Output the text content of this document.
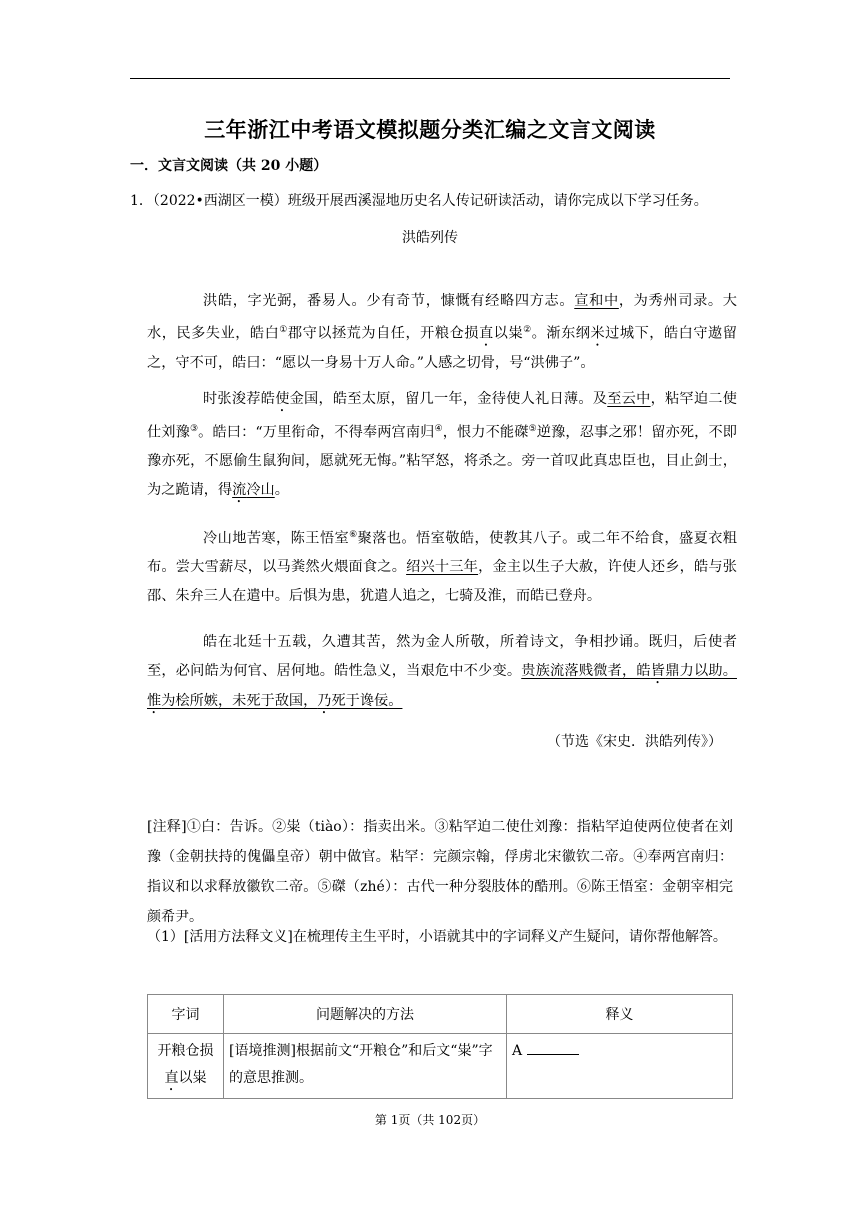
三年浙江中考语文模拟题分类汇编之文言文阅读
一．文言文阅读（共 20 小题）
1．（2022•西湖区一模）班级开展西溪湿地历史名人传记研读活动，请你完成以下学习任务。
洪皓列传

洪皓，字光弼，番易人。少有奇节，慷慨有经略四方志。宣和中，为秀州司录。大水，民多失业，皓白①郡守以拯荒为自任，开粮仓损直以粜②。渐东纲米过城下，皓白守遨留之，守不可，皓曰：“愿以一身易十万人命。”人感之切骨，号“洪佛子”。

时张浚荐皓使金国，皓至太原，留几一年，金待使人礼日薄。及至云中，粘罕迫二使仕刘豫③。皓曰：“万里衔命，不得奉两宫南归④，恨力不能磔⑤逆豫，忍事之邪！留亦死，不即豫亦死，不愿偷生鼠狗间，愿就死无悔。”粘罕怒，将杀之。旁一首叹此真忠臣也，目止剑士，为之跪请，得流冷山。

冷山地苦寒，陈王悟室⑥聚落也。悟室敬皓，使教其八子。或二年不给食，盛夏衣粗布。尝大雪薪尽，以马粪然火煨面食之。绍兴十三年，金主以生子大赦，许使人还乡，皓与张邵、朱弁三人在遣中。后惧为患，犹遣人追之，七骑及淮，而皓已登舟。

皓在北廷十五载，久遭其苦，然为金人所敬，所着诗文，争相抄诵。既归，后使者至，必问皓为何官、居何地。皓性急义，当艰危中不少变。贵族流落贱微者，皓皆鼎力以助。惟为桧所嫉，未死于敌国，乃死于谗佞。

（节选《宋史．洪皓列传》）
[注释]①白：告诉。②粜（tiào）：指卖出米。③粘罕迫二使仕刘豫：指粘罕迫使两位使者在刘豫（金朝扶持的傀儡皇帝）朝中做官。粘罕：完颜宗翰，俘虏北宋徽钦二帝。④奉两宫南归：指议和以求释放徽钦二帝。⑤磔（zhé）：古代一种分裂肢体的酷刑。⑥陈王悟室：金朝宰相完颜希尹。
（1）[活用方法释文义]在梳理传主生平时，小语就其中的字词释义产生疑问，请你帮他解答。
字词	问题解决的方法	释义

开粮仓损
直以粜	[语境推测]根据前文“开粮仓”和后文“粜”字的意思推测。	A
第 1页（共 102页）
